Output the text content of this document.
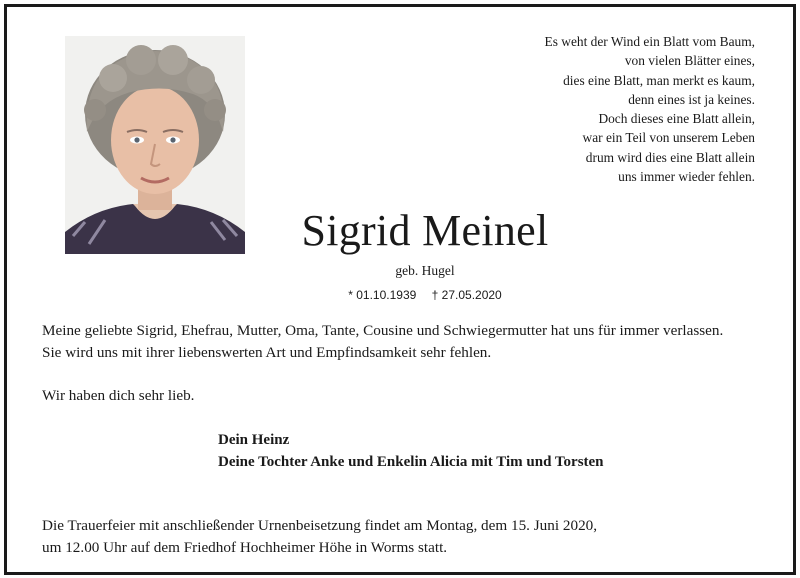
Es weht der Wind ein Blatt vom Baum,
von vielen Blätter eines,
dies eine Blatt, man merkt es kaum,
denn eines ist ja keines.
Doch dieses eine Blatt allein,
war ein Teil von unserem Leben
drum wird dies eine Blatt allein
uns immer wieder fehlen.
Sigrid Meinel
geb. Hugel
* 01.10.1939 † 27.05.2020
Meine geliebte Sigrid, Ehefrau, Mutter, Oma, Tante, Cousine und Schwiegermutter hat uns für immer verlassen. Sie wird uns mit ihrer liebenswerten Art und Empfindsamkeit sehr fehlen.
Wir haben dich sehr lieb.
Dein Heinz
Deine Tochter Anke und Enkelin Alicia mit Tim und Torsten
Die Trauerfeier mit anschließender Urnenbeisetzung findet am Montag, dem 15. Juni 2020,
um 12.00 Uhr auf dem Friedhof Hochheimer Höhe in Worms statt.
